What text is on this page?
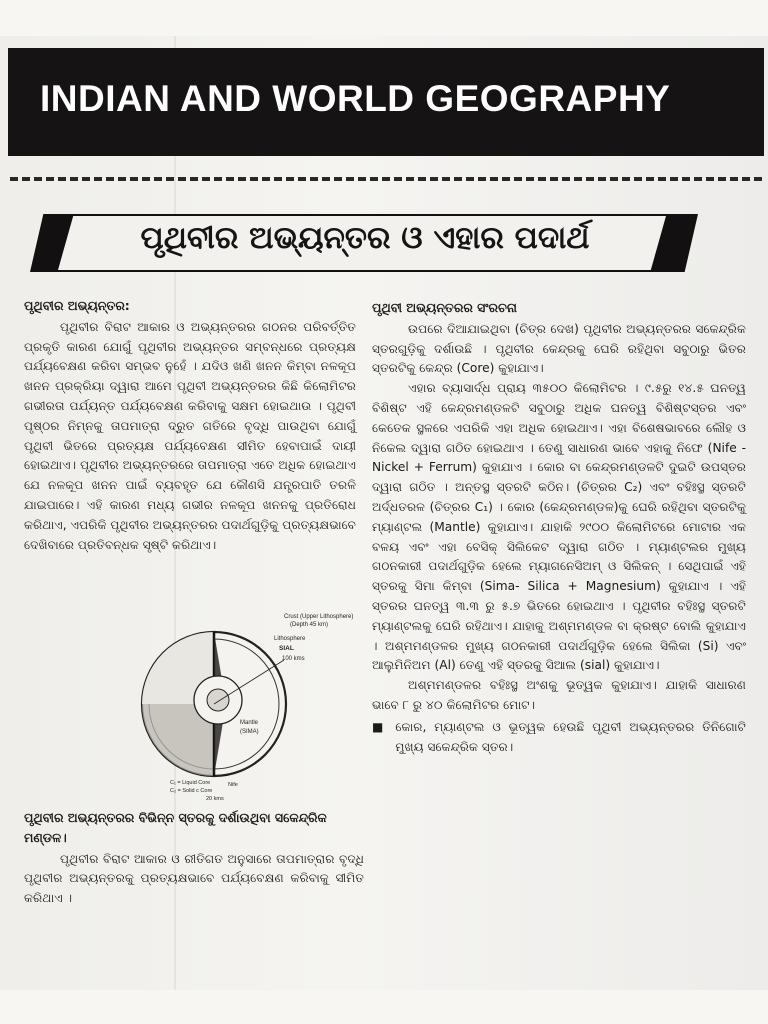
INDIAN AND WORLD GEOGRAPHY
ପୃଥିବୀର ଅଭ୍ୟନ୍ତର ଓ ଏହାର ପଦାର୍ଥ

ପୃଥିବୀର ଅଭ୍ୟନ୍ତର:

ପୃଥିବୀର ବିରାଟ ଆକାର ଓ ଅଭ୍ୟନ୍ତରର ଗଠନର ପରିବର୍ତ୍ତିତ ପ୍ରକୃତି କାରଣ ଯୋଗୁଁ ପୃଥିବୀର ଅଭ୍ୟନ୍ତର ସମ୍ବନ୍ଧରେ ପ୍ରତ୍ୟକ୍ଷ ପର୍ଯ୍ୟବେକ୍ଷଣ କରିବା ସମ୍ଭବ ନୁହେଁ । ଯଦିଓ ଖଣି ଖନନ କିମ୍ବା ନଳକୂପ ଖନନ ପ୍ରକ୍ରିୟା ଦ୍ୱାରା ଆମେ ପୃଥିବୀ ଅଭ୍ୟନ୍ତରର କିଛି କିଲୋମିଟର ଗଭୀରତା ପର୍ଯ୍ୟନ୍ତ ପର୍ଯ୍ୟବେକ୍ଷଣ କରିବାକୁ ସକ୍ଷମ ହୋଇଥାଉ । ପୃଥିବୀ ପୃଷ୍ଠର ନିମ୍ନକୁ ତାପମାତ୍ରା ଦ୍ରୁତ ଗତିରେ ବୃଦ୍ଧି ପାଉଥିବା ଯୋଗୁଁ ପୃଥିବୀ ଭିତରେ ପ୍ରତ୍ୟକ୍ଷ ପର୍ଯ୍ୟବେକ୍ଷଣ ସୀମିତ ହେବାପାଇଁ ଦାୟୀ ହୋଇଥାଏ। ପୃଥିବୀର ଅଭ୍ୟନ୍ତରରେ ତାପମାତ୍ରା ଏତେ ଅଧିକ ହୋଇଥାଏ ଯେ ନଳକୂପ ଖନନ ପାଇଁ ବ୍ୟବହୃତ ଯେ କୌଣସି ଯନ୍ତ୍ରପାତି ତରଳି ଯାଇପାରେ। ଏହି କାରଣ ମଧ୍ୟ ଗଭୀର ନଳକୂପ ଖନନକୁ ପ୍ରତିରୋଧ କରିଥାଏ, ଏପରିକି ପୃଥିବୀର ଅଭ୍ୟନ୍ତରର ପଦାର୍ଥଗୁଡ଼ିକୁ ପ୍ରତ୍ୟକ୍ଷଭାବେ ଦେଖିବାରେ ପ୍ରତିବନ୍ଧକ ସୃଷ୍ଟି କରିଥାଏ।

Crust (Upper Lithosphere)
(Depth 45 km)
Lithosphere
SIAL
100 kms
Mantle
(SIMA)
C₁ = Liquid Core
C₂ = Solid c Core
Nife
20 kms

ପୃଥିବୀର ଅଭ୍ୟନ୍ତରର ବିଭିନ୍ନ ସ୍ତରକୁ ଦର୍ଶାଉଥିବା ସକେନ୍ଦ୍ରିକ ମଣ୍ଡଳ।

ପୃଥିବୀର ବିରାଟ ଆକାର ଓ ରୀତିଗତ ଅନୁସାରେ ତାପମାତ୍ରାର ବୃଦ୍ଧି ପୃଥିବୀର ଅଭ୍ୟନ୍ତରକୁ ପ୍ରତ୍ୟକ୍ଷଭାବେ ପର୍ଯ୍ୟବେକ୍ଷଣ କରିବାକୁ ସୀମିତ କରିଥାଏ ।

ପୃଥିବୀ ଅଭ୍ୟନ୍ତରର ସଂରଚନା

ଉପରେ ଦିଆଯାଇଥିବା (ଚିତ୍ର ଦେଖ) ପୃଥିବୀର ଅଭ୍ୟନ୍ତରର ସକେନ୍ଦ୍ରିକ ସ୍ତରଗୁଡ଼ିକୁ ଦର୍ଶାଉଛି । ପୃଥିବୀର କେନ୍ଦ୍ରକୁ ଘେରି ରହିଥିବା ସବୁଠାରୁ ଭିତର ସ୍ତରଟିକୁ କେନ୍ଦ୍ର (Core) କୁହାଯାଏ।

ଏହାର ବ୍ୟାସାର୍ଦ୍ଧ ପ୍ରାୟ ୩୫୦୦ କିଲୋମିଟର । ୯.୫ରୁ ୧୪.୫ ଘନତ୍ୱ ବିଶିଷ୍ଟ ଏହି କେନ୍ଦ୍ରମଣ୍ଡଳଟି ସବୁଠାରୁ ଅଧିକ ଘନତ୍ୱ ବିଶିଷ୍ଟସ୍ତର ଏବଂ କେତେକ ସ୍ଥଳରେ ଏପରିକି ଏହା ଅଧିକ ହୋଇଥାଏ। ଏହା ବିଶେଷଭାବରେ ଲୌହ ଓ ନିକେଲ ଦ୍ୱାରା ଗଠିତ ହୋଇଥାଏ । ତେଣୁ ସାଧାରଣ ଭାବେ ଏହାକୁ ନିଫେ (Nife - Nickel + Ferrum) କୁହାଯାଏ । କୋର ବା କେନ୍ଦ୍ରମଣ୍ଡଳଟି ଦୁଇଟି ଉପସ୍ତର ଦ୍ୱାରା ଗଠିତ । ଅନ୍ତସ୍ଥ ସ୍ତରଟି କଠିନ। (ଚିତ୍ରର C₂) ଏବଂ ବହିଃସ୍ଥ ସ୍ତରଟି ଅର୍ଦ୍ଧତରଳ (ଚିତ୍ରର C₁) । କୋର (କେନ୍ଦ୍ରମଣ୍ଡଳ)କୁ ଘେରି ରହିଥିବା ସ୍ତରଟିକୁ ମ୍ୟାଣ୍ଟଲ (Mantle) କୁହାଯାଏ। ଯାହାକି ୨୯୦୦ କିଲୋମିଟରେ ମୋଟାର ଏକ ବଳୟ ଏବଂ ଏହା ବେସିକ୍ ସିଲିକେଟ ଦ୍ୱାରା ଗଠିତ । ମ୍ୟାଣ୍ଟଲର ମୁଖ୍ୟ ଗଠନକାରୀ ପଦାର୍ଥଗୁଡ଼ିକ ହେଲେ ମ୍ୟାଗନେସିଅମ୍ ଓ ସିଲିକନ୍ । ସେଥିପାଇଁ ଏହି ସ୍ତରକୁ ସିମା କିମ୍ବା (Sima- Silica + Magnesium) କୁହାଯାଏ । ଏହି ସ୍ତରର ଘନତ୍ୱ ୩.୩ ରୁ ୫.୭ ଭିତରେ ହୋଇଥାଏ । ପୃଥିବୀର ବହିଃସ୍ଥ ସ୍ତରଟି ମ୍ୟାଣ୍ଟଲକୁ ଘେରି ରହିଥାଏ। ଯାହାକୁ ଅଶ୍ମମଣ୍ଡଳ ବା କ୍ରଷ୍ଟ ବୋଲି କୁହାଯାଏ । ଅଶ୍ମମଣ୍ଡଳର ମୁଖ୍ୟ ଗଠନକାରୀ ପଦାର୍ଥଗୁଡ଼ିକ ହେଲେ ସିଲିକା (Si) ଏବଂ ଆଲୁମିନିଅମ (Al) ତେଣୁ ଏହି ସ୍ତରକୁ ସିଆଲ (sial) କୁହାଯାଏ।

ଅଶ୍ମମଣ୍ଡଳର ବହିଃସ୍ଥ ଅଂଶକୁ ଭୂତ୍ୱକ କୁହାଯାଏ। ଯାହାକି ସାଧାରଣ ଭାବେ ୮ ରୁ ୪୦ କିଲୋମିଟର ମୋଟ।

■ କୋର, ମ୍ୟାଣ୍ଟଲ ଓ ଭୂତ୍ୱକ ହେଉଛି ପୃଥିବୀ ଅଭ୍ୟନ୍ତରର ତିନିଗୋଟି ମୁଖ୍ୟ ସକେନ୍ଦ୍ରିକ ସ୍ତର।
